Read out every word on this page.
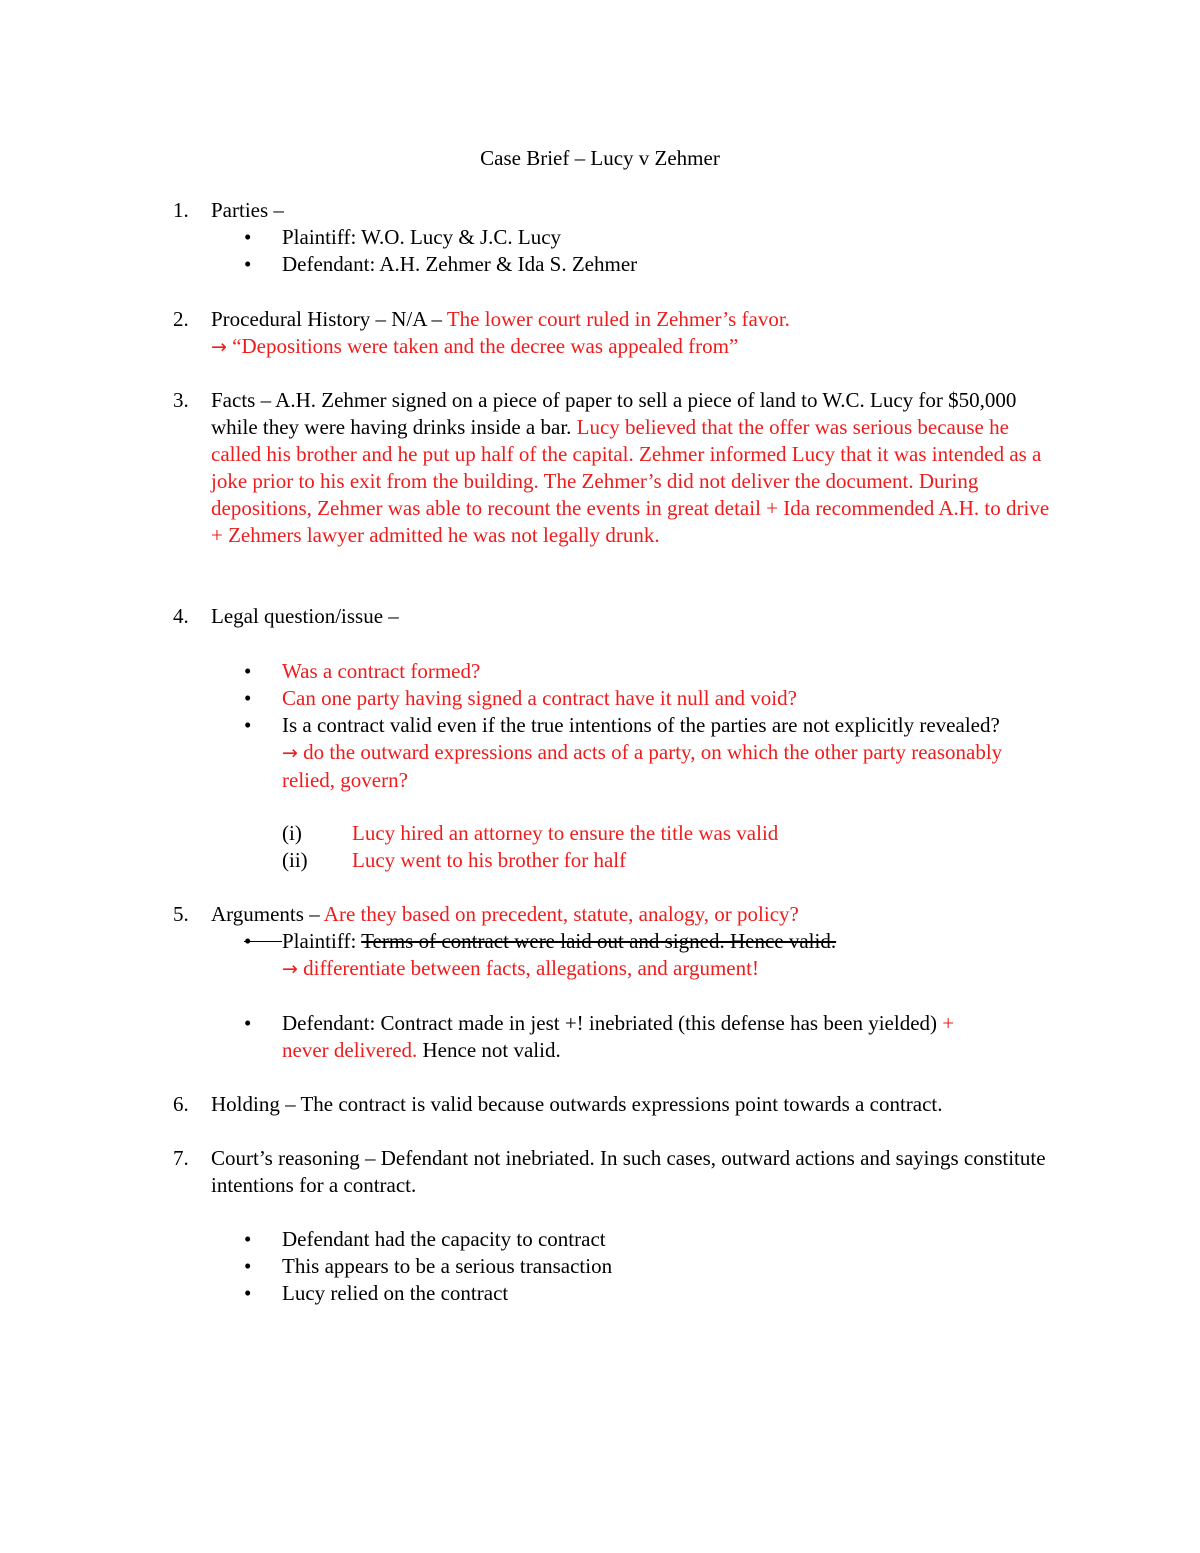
Case Brief – Lucy v Zehmer
1. Parties –
• Plaintiff: W.O. Lucy & J.C. Lucy
• Defendant: A.H. Zehmer & Ida S. Zehmer
2. Procedural History – N/A – The lower court ruled in Zehmer’s favor.
→ “Depositions were taken and the decree was appealed from”
3. Facts – A.H. Zehmer signed on a piece of paper to sell a piece of land to W.C. Lucy for $50,000 while they were having drinks inside a bar. Lucy believed that the offer was serious because he called his brother and he put up half of the capital. Zehmer informed Lucy that it was intended as a joke prior to his exit from the building. The Zehmer’s did not deliver the document. During depositions, Zehmer was able to recount the events in great detail + Ida recommended A.H. to drive + Zehmers lawyer admitted he was not legally drunk.
4. Legal question/issue –
• Was a contract formed?
• Can one party having signed a contract have it null and void?
• Is a contract valid even if the true intentions of the parties are not explicitly revealed?
→ do the outward expressions and acts of a party, on which the other party reasonably relied, govern?
(i) Lucy hired an attorney to ensure the title was valid
(ii) Lucy went to his brother for half
5. Arguments – Are they based on precedent, statute, analogy, or policy?
Plaintiff: Terms of contract were laid out and signed. Hence valid.
→ differentiate between facts, allegations, and argument!
• Defendant: Contract made in jest +! inebriated (this defense has been yielded) +
never delivered. Hence not valid.
6. Holding – The contract is valid because outwards expressions point towards a contract.
7. Court’s reasoning – Defendant not inebriated. In such cases, outward actions and sayings constitute intentions for a contract.
• Defendant had the capacity to contract
• This appears to be a serious transaction
• Lucy relied on the contract
